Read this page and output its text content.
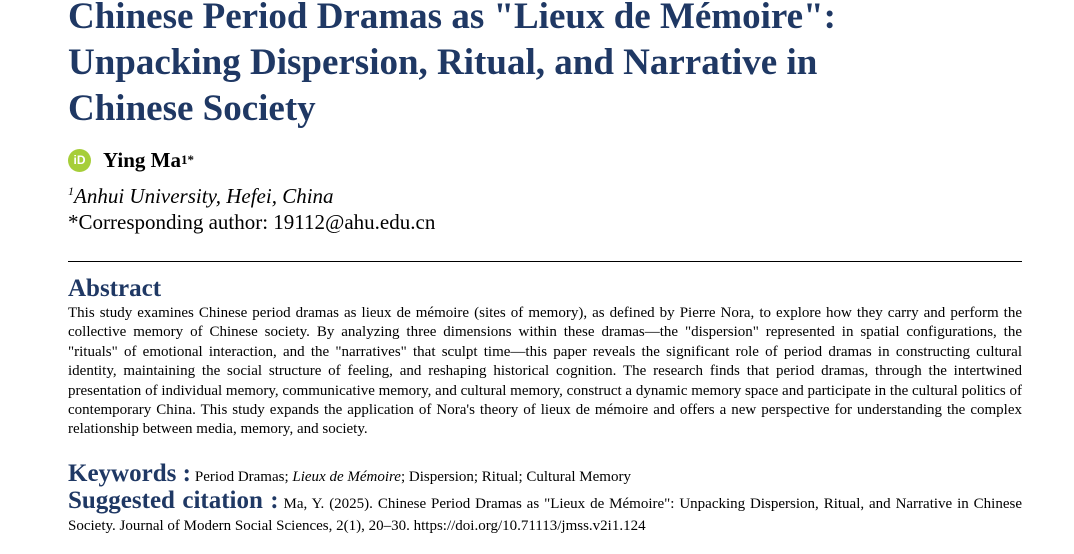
Chinese Period Dramas as "Lieux de Mémoire":
Unpacking Dispersion, Ritual, and Narrative in
Chinese Society
iD Ying Ma 1*
$^1$Anhui University, Hefei, China
*Corresponding author: 19112@ahu.edu.cn
Abstract

This study examines Chinese period dramas as lieux de mémoire (sites of memory), as defined by Pierre Nora, to explore how they carry and perform the collective memory of Chinese society. By analyzing three dimensions within these dramas—the "dispersion" represented in spatial configurations, the "rituals" of emotional interaction, and the "narratives" that sculpt time—this paper reveals the significant role of period dramas in constructing cultural identity, maintaining the social structure of feeling, and reshaping historical cognition. The research finds that period dramas, through the intertwined presentation of individual memory, communicative memory, and cultural memory, construct a dynamic memory space and participate in the cultural politics of contemporary China. This study expands the application of Nora's theory of lieux de mémoire and offers a new perspective for understanding the complex relationship between media, memory, and society.

Keywords : Period Dramas; Lieux de Mémoire; Dispersion; Ritual; Cultural Memory

Suggested citation : Ma, Y. (2025). Chinese Period Dramas as "Lieux de Mémoire": Unpacking Dispersion, Ritual, and Narrative in Chinese Society. Journal of Modern Social Sciences, 2(1), 20–30. https://doi.org/10.71113/jmss.v2i1.124
